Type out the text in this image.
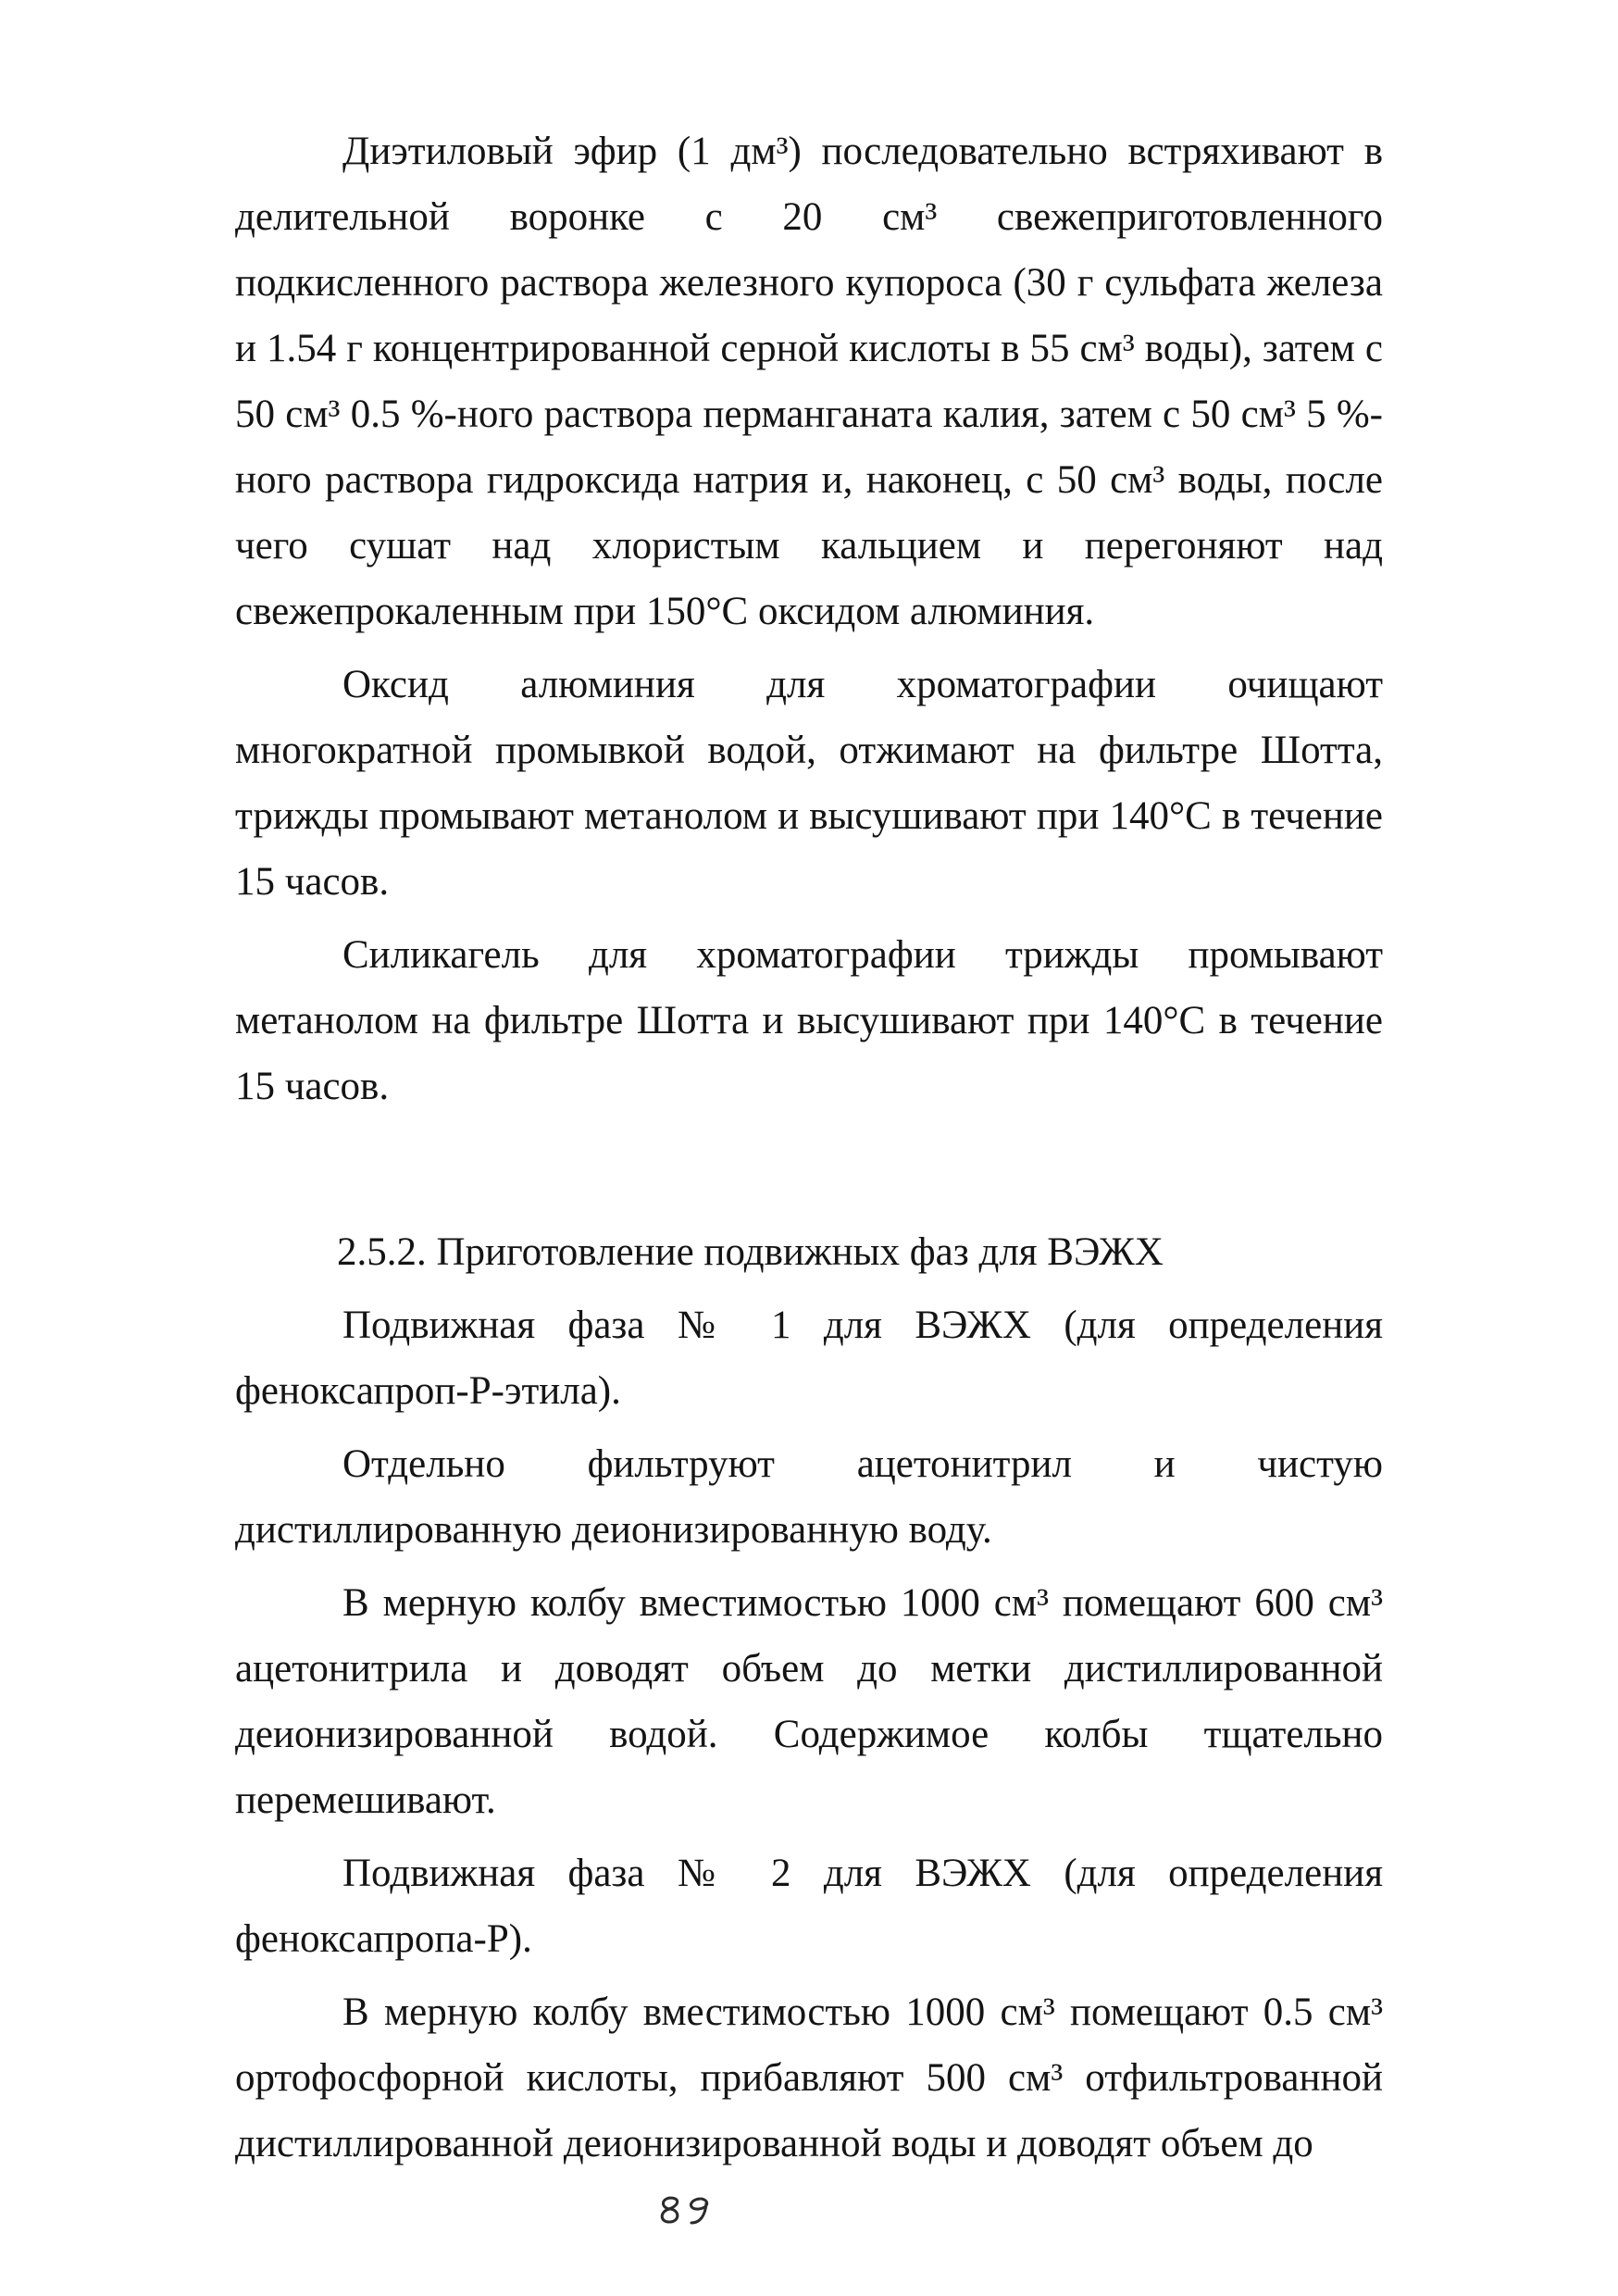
Диэтиловый эфир (1 дм³) последовательно встряхивают в делительной воронке с 20 см³ свежеприготовленного подкисленного раствора железного купороса (30 г сульфата железа и 1.54 г концентрированной серной кислоты в 55 см³ воды), затем с 50 см³ 0.5 %-ного раствора перманганата калия, затем с 50 см³ 5 %-ного раствора гидроксида натрия и, наконец, с 50 см³ воды, после чего сушат над хлористым кальцием и перегоняют над свежепрокаленным при 150°С оксидом алюминия.

Оксид алюминия для хроматографии очищают многократной промывкой водой, отжимают на фильтре Шотта, трижды промывают метанолом и высушивают при 140°С в течение 15 часов.

Силикагель для хроматографии трижды промывают метанолом на фильтре Шотта и высушивают при 140°С в течение 15 часов.

2.5.2. Приготовление подвижных фаз для ВЭЖХ

Подвижная фаза № 1 для ВЭЖХ (для определения феноксапроп-Р-этила).

Отдельно фильтруют ацетонитрил и чистую дистиллированную деионизированную воду.

В мерную колбу вместимостью 1000 см³ помещают 600 см³ ацетонитрила и доводят объем до метки дистиллированной деионизированной водой. Содержимое колбы тщательно перемешивают.

Подвижная фаза № 2 для ВЭЖХ (для определения феноксапропа-Р).

В мерную колбу вместимостью 1000 см³ помещают 0.5 см³ ортофосфорной кислоты, прибавляют 500 см³ отфильтрованной дистиллированной деионизированной воды и доводят объем до
